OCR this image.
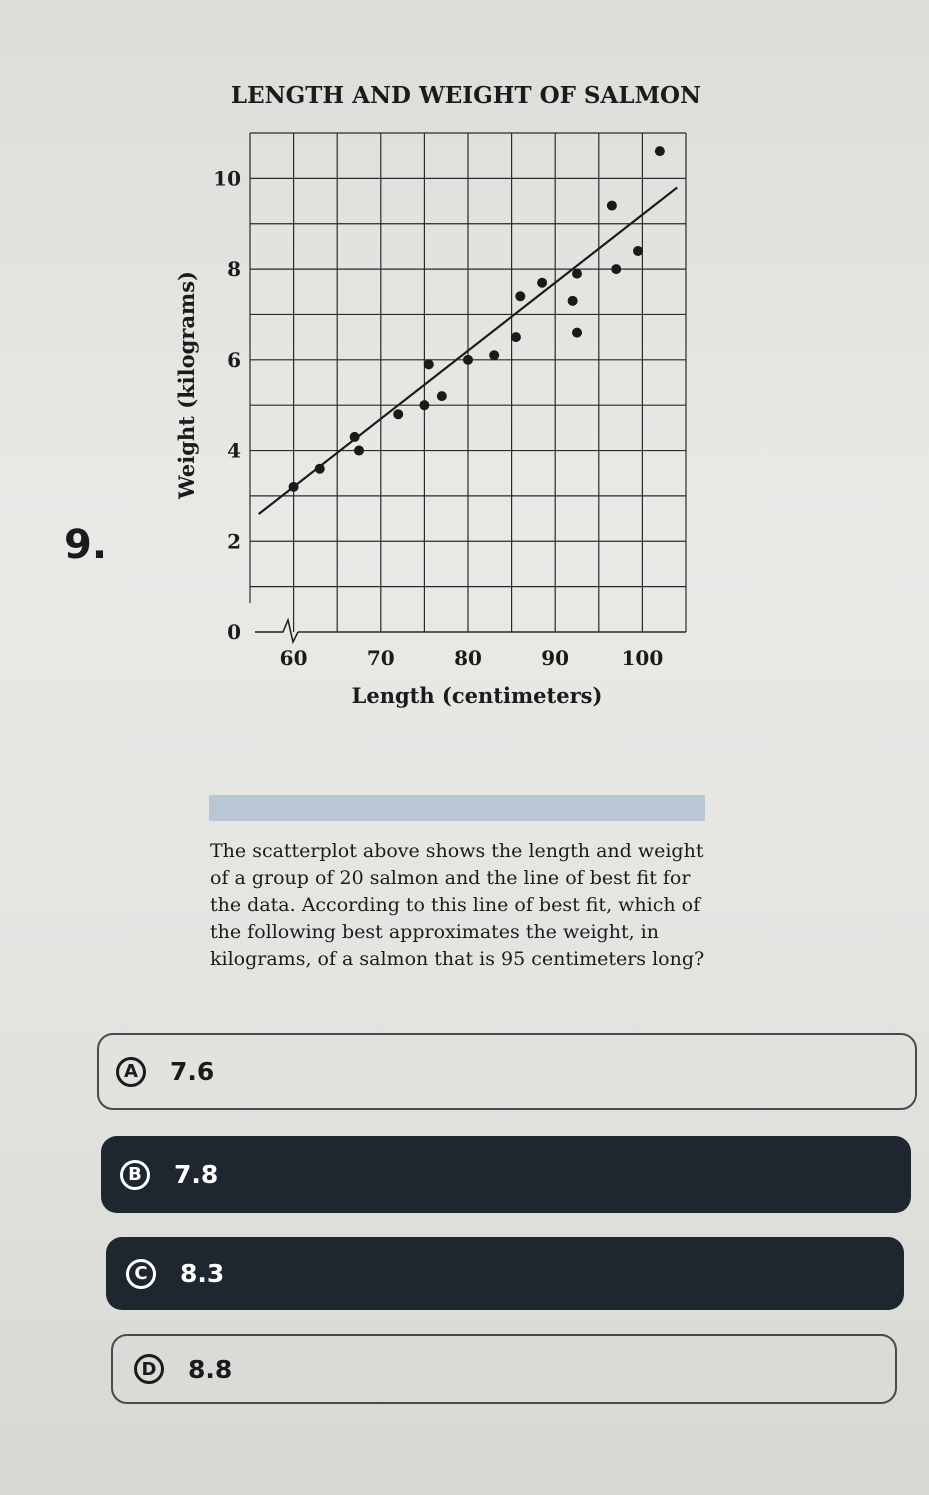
LENGTH AND WEIGHT OF SALMON
60	70	80	90	100
0
2
4
6
8
10
Length (centimeters)
Weight (kilograms)
9.

The scatterplot above shows the length and weight of a group of 20 salmon and the line of best fit for the data. According to this line of best fit, which of the following best approximates the weight, in kilograms, of a salmon that is 95 centimeters long?

A	7.6
B	7.8
C	8.3
D	8.8
